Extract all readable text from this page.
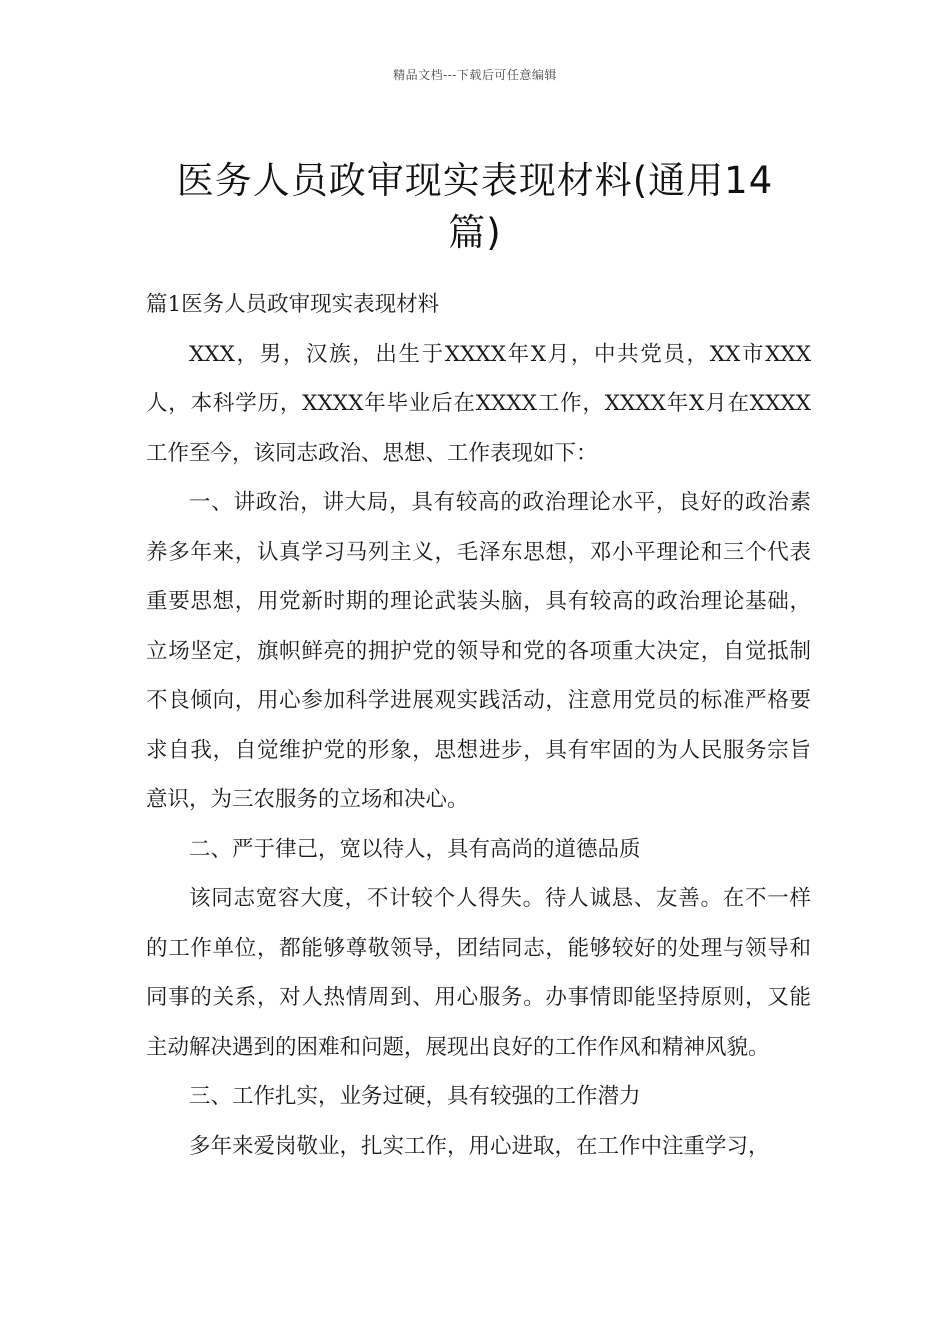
精品文档---下载后可任意编辑
医务人员政审现实表现材料(通用14
篇)

篇1医务人员政审现实表现材料

XXX，男，汉族，出生于XXXX年X月，中共党员，XX市XXX人，本科学历，XXXX年毕业后在XXXX工作，XXXX年X月在XXXX工作至今，该同志政治、思想、工作表现如下：

一、讲政治，讲大局，具有较高的政治理论水平，良好的政治素养多年来，认真学习马列主义，毛泽东思想，邓小平理论和三个代表重要思想，用党新时期的理论武装头脑，具有较高的政治理论基础，立场坚定，旗帜鲜亮的拥护党的领导和党的各项重大决定，自觉抵制不良倾向，用心参加科学进展观实践活动，注意用党员的标准严格要求自我，自觉维护党的形象，思想进步，具有牢固的为人民服务宗旨意识，为三农服务的立场和决心。

二、严于律己，宽以待人，具有高尚的道德品质

该同志宽容大度，不计较个人得失。待人诚恳、友善。在不一样的工作单位，都能够尊敬领导，团结同志，能够较好的处理与领导和同事的关系，对人热情周到、用心服务。办事情即能坚持原则，又能主动解决遇到的困难和问题，展现出良好的工作作风和精神风貌。

三、工作扎实，业务过硬，具有较强的工作潜力

多年来爱岗敬业，扎实工作，用心进取，在工作中注重学习，
